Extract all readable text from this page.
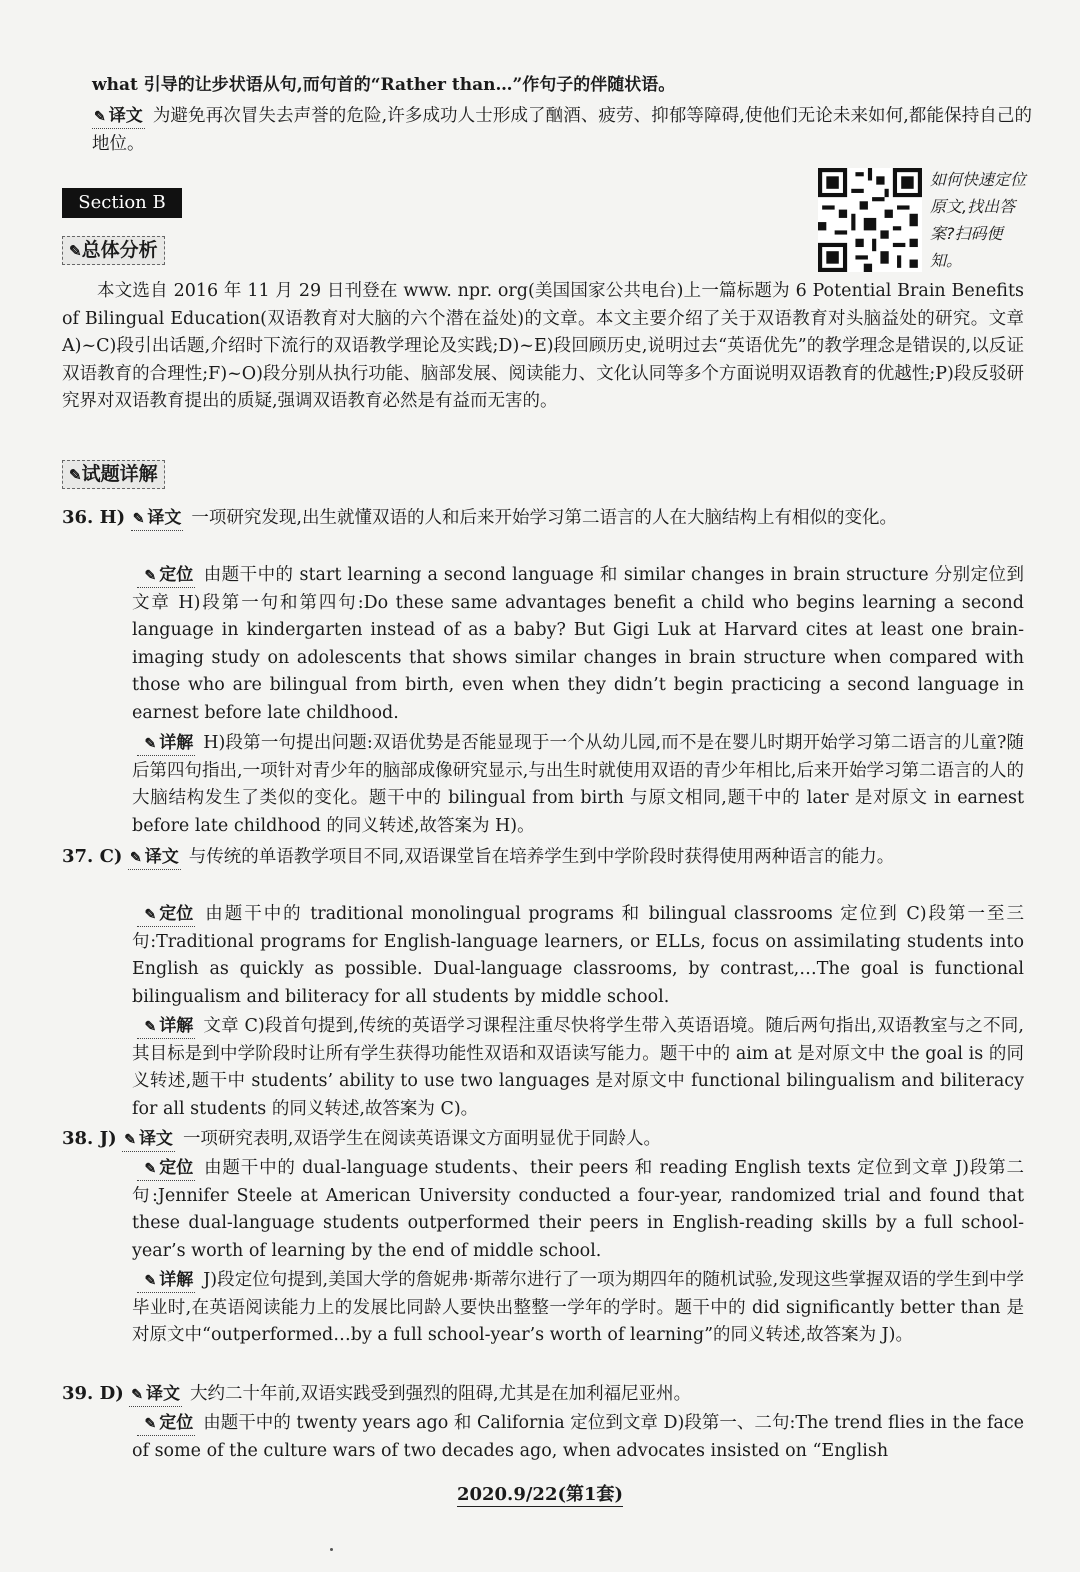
what 引导的让步状语从句,而句首的“Rather than…”作句子的伴随状语。
✎ 译文 为避免再次冒失去声誉的危险,许多成功人士形成了酗酒、疲劳、抑郁等障碍,使他们无论未来如何,都能保持自己的地位。
Section B
如何快速定位原文,找出答案?扫码便知。
✎总体分析
本文选自 2016 年 11 月 29 日刊登在 www. npr. org(美国国家公共电台)上一篇标题为 6 Potential Brain Benefits of Bilingual Education(双语教育对大脑的六个潜在益处)的文章。本文主要介绍了关于双语教育对头脑益处的研究。文章 A)~C)段引出话题,介绍时下流行的双语教学理论及实践;D)~E)段回顾历史,说明过去“英语优先”的教学理念是错误的,以反证双语教育的合理性;F)~O)段分别从执行功能、脑部发展、阅读能力、文化认同等多个方面说明双语教育的优越性;P)段反驳研究界对双语教育提出的质疑,强调双语教育必然是有益而无害的。
✎试题详解
36. H) ✎ 译文 一项研究发现,出生就懂双语的人和后来开始学习第二语言的人在大脑结构上有相似的变化。
✎ 定位 由题干中的 start learning a second language 和 similar changes in brain structure 分别定位到文章 H)段第一句和第四句:Do these same advantages benefit a child who begins learning a second language in kindergarten instead of as a baby? But Gigi Luk at Harvard cites at least one brain-imaging study on adolescents that shows similar changes in brain structure when compared with those who are bilingual from birth, even when they didn’t begin practicing a second language in earnest before late childhood.
✎ 详解 H)段第一句提出问题:双语优势是否能显现于一个从幼儿园,而不是在婴儿时期开始学习第二语言的儿童?随后第四句指出,一项针对青少年的脑部成像研究显示,与出生时就使用双语的青少年相比,后来开始学习第二语言的人的大脑结构发生了类似的变化。题干中的 bilingual from birth 与原文相同,题干中的 later 是对原文 in earnest before late childhood 的同义转述,故答案为 H)。
37. C) ✎ 译文 与传统的单语教学项目不同,双语课堂旨在培养学生到中学阶段时获得使用两种语言的能力。
✎ 定位 由题干中的 traditional monolingual programs 和 bilingual classrooms 定位到 C)段第一至三句:Traditional programs for English-language learners, or ELLs, focus on assimilating students into English as quickly as possible. Dual-language classrooms, by contrast,…The goal is functional bilingualism and biliteracy for all students by middle school.
✎ 详解 文章 C)段首句提到,传统的英语学习课程注重尽快将学生带入英语语境。随后两句指出,双语教室与之不同,其目标是到中学阶段时让所有学生获得功能性双语和双语读写能力。题干中的 aim at 是对原文中 the goal is 的同义转述,题干中 students’ ability to use two languages 是对原文中 functional bilingualism and biliteracy for all students 的同义转述,故答案为 C)。
38. J) ✎ 译文 一项研究表明,双语学生在阅读英语课文方面明显优于同龄人。
✎ 定位 由题干中的 dual-language students、their peers 和 reading English texts 定位到文章 J)段第二句:Jennifer Steele at American University conducted a four-year, randomized trial and found that these dual-language students outperformed their peers in English-reading skills by a full school-year’s worth of learning by the end of middle school.
✎ 详解 J)段定位句提到,美国大学的詹妮弗·斯蒂尔进行了一项为期四年的随机试验,发现这些掌握双语的学生到中学毕业时,在英语阅读能力上的发展比同龄人要快出整整一学年的学时。题干中的 did significantly better than 是对原文中“outperformed…by a full school-year’s worth of learning”的同义转述,故答案为 J)。
39. D) ✎ 译文 大约二十年前,双语实践受到强烈的阻碍,尤其是在加利福尼亚州。
✎ 定位 由题干中的 twenty years ago 和 California 定位到文章 D)段第一、二句:The trend flies in the face of some of the culture wars of two decades ago, when advocates insisted on “English
2020.9/22(第1套)
